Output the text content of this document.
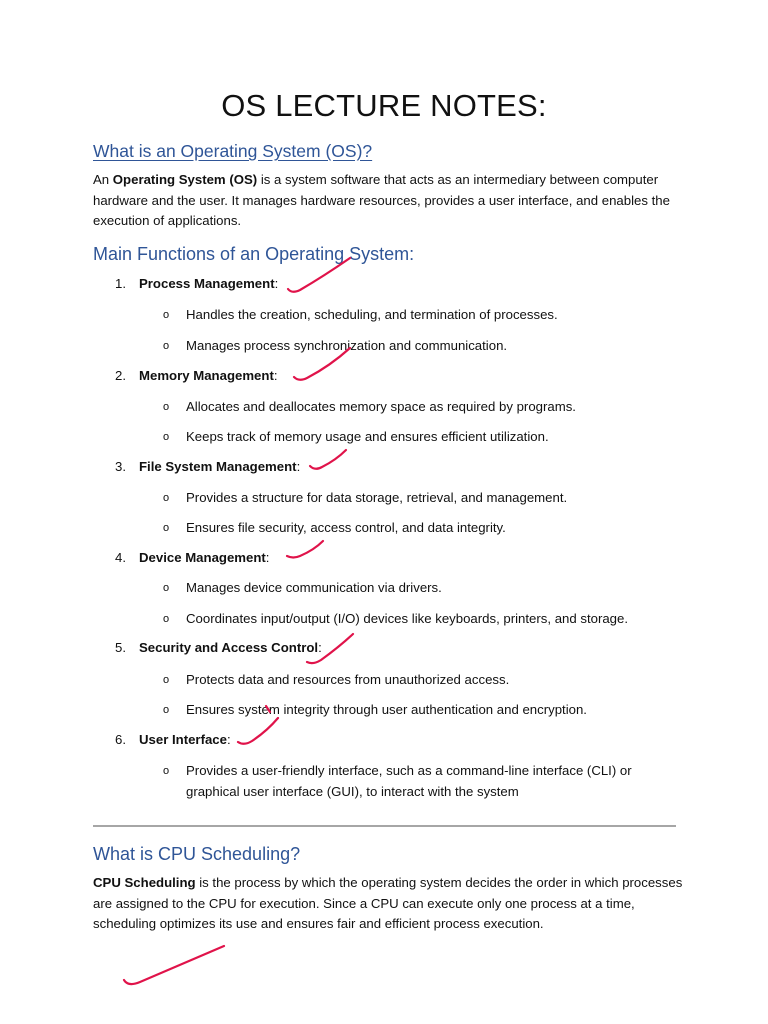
OS LECTURE NOTES:
What is an Operating System (OS)?
An Operating System (OS) is a system software that acts as an intermediary between computer hardware and the user. It manages hardware resources, provides a user interface, and enables the execution of applications.
Main Functions of an Operating System:
1. Process Management:
o Handles the creation, scheduling, and termination of processes.
o Manages process synchronization and communication.
2. Memory Management:
o Allocates and deallocates memory space as required by programs.
o Keeps track of memory usage and ensures efficient utilization.
3. File System Management:
o Provides a structure for data storage, retrieval, and management.
o Ensures file security, access control, and data integrity.
4. Device Management:
o Manages device communication via drivers.
o Coordinates input/output (I/O) devices like keyboards, printers, and storage.
5. Security and Access Control:
o Protects data and resources from unauthorized access.
o Ensures system integrity through user authentication and encryption.
6. User Interface:
o Provides a user-friendly interface, such as a command-line interface (CLI) or graphical user interface (GUI), to interact with the system
What is CPU Scheduling?
CPU Scheduling is the process by which the operating system decides the order in which processes are assigned to the CPU for execution. Since a CPU can execute only one process at a time, scheduling optimizes its use and ensures fair and efficient process execution.
